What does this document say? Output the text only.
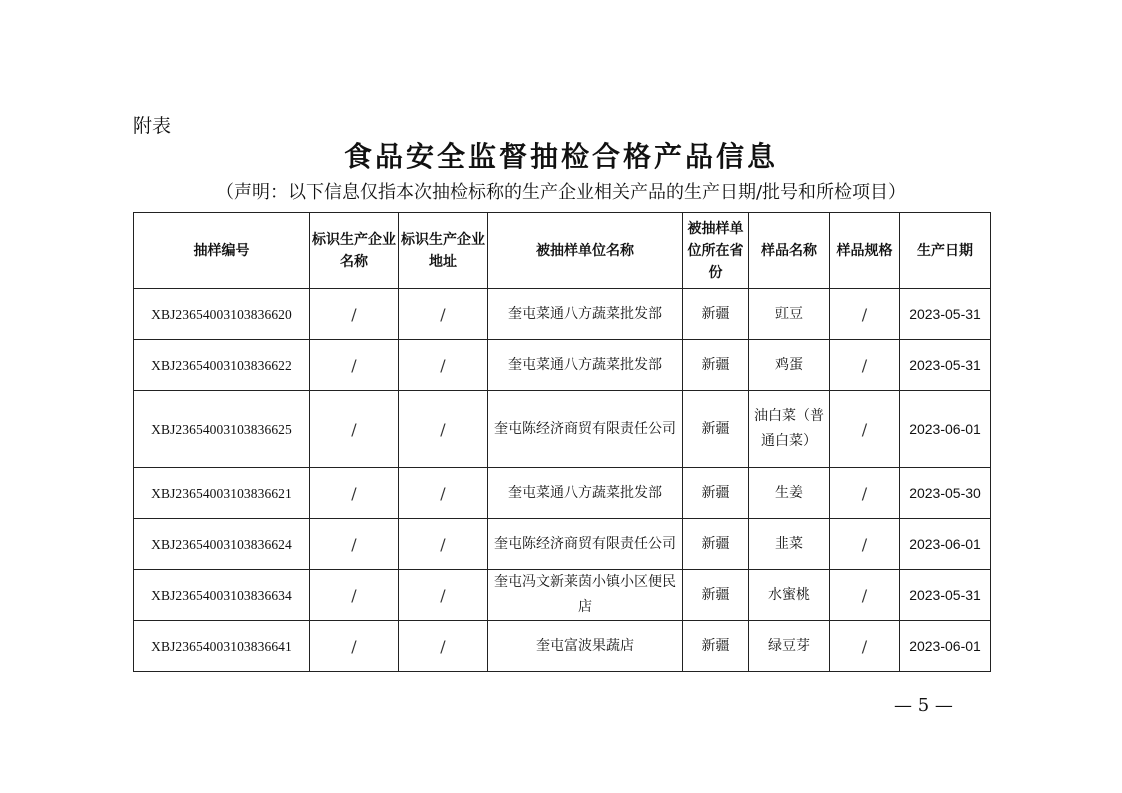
附表
食品安全监督抽检合格产品信息
（声明：以下信息仅指本次抽检标称的生产企业相关产品的生产日期/批号和所检项目）
抽样编号	标识生产企业名称	标识生产企业地址	被抽样单位名称	被抽样单位所在省份	样品名称	样品规格	生产日期
XBJ23654003103836620	/	/	奎屯菜通八方蔬菜批发部	新疆	豇豆	/	2023-05-31
XBJ23654003103836622	/	/	奎屯菜通八方蔬菜批发部	新疆	鸡蛋	/	2023-05-31
XBJ23654003103836625	/	/	奎屯陈经济商贸有限责任公司	新疆	油白菜（普通白菜）	/	2023-06-01
XBJ23654003103836621	/	/	奎屯菜通八方蔬菜批发部	新疆	生姜	/	2023-05-30
XBJ23654003103836624	/	/	奎屯陈经济商贸有限责任公司	新疆	韭菜	/	2023-06-01
XBJ23654003103836634	/	/	奎屯冯文新莱茵小镇小区便民店	新疆	水蜜桃	/	2023-05-31
XBJ23654003103836641	/	/	奎屯富波果蔬店	新疆	绿豆芽	/	2023-06-01
— 5 —
